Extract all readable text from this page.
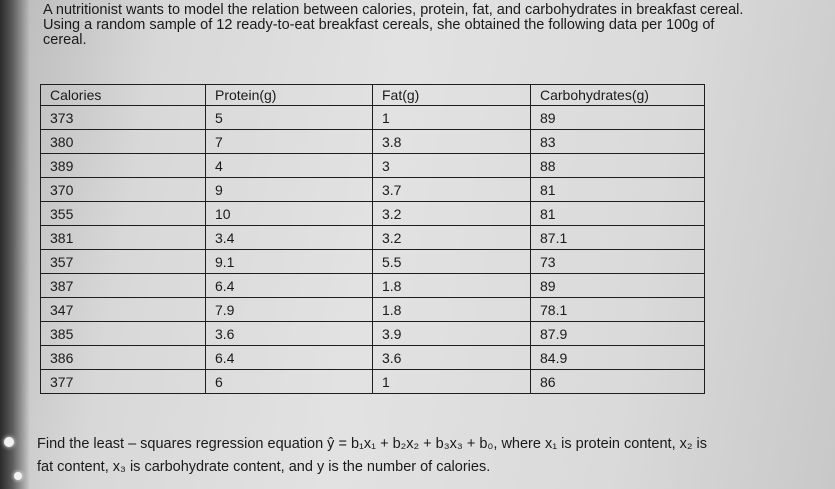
A nutritionist wants to model the relation between calories, protein, fat, and carbohydrates in breakfast cereal.
Using a random sample of 12 ready-to-eat breakfast cereals, she obtained the following data per 100g of
cereal.
Calories	Protein(g)	Fat(g)	Carbohydrates(g)
373	5	1	89
380	7	3.8	83
389	4	3	88
370	9	3.7	81
355	10	3.2	81
381	3.4	3.2	87.1
357	9.1	5.5	73
387	6.4	1.8	89
347	7.9	1.8	78.1
385	3.6	3.9	87.9
386	6.4	3.6	84.9
377	6	1	86
Find the least – squares regression equation ŷ = b₁x₁ + b₂x₂ + b₃x₃ + b₀, where x₁ is protein content, x₂ is
fat content, x₃ is carbohydrate content, and y is the number of calories.
